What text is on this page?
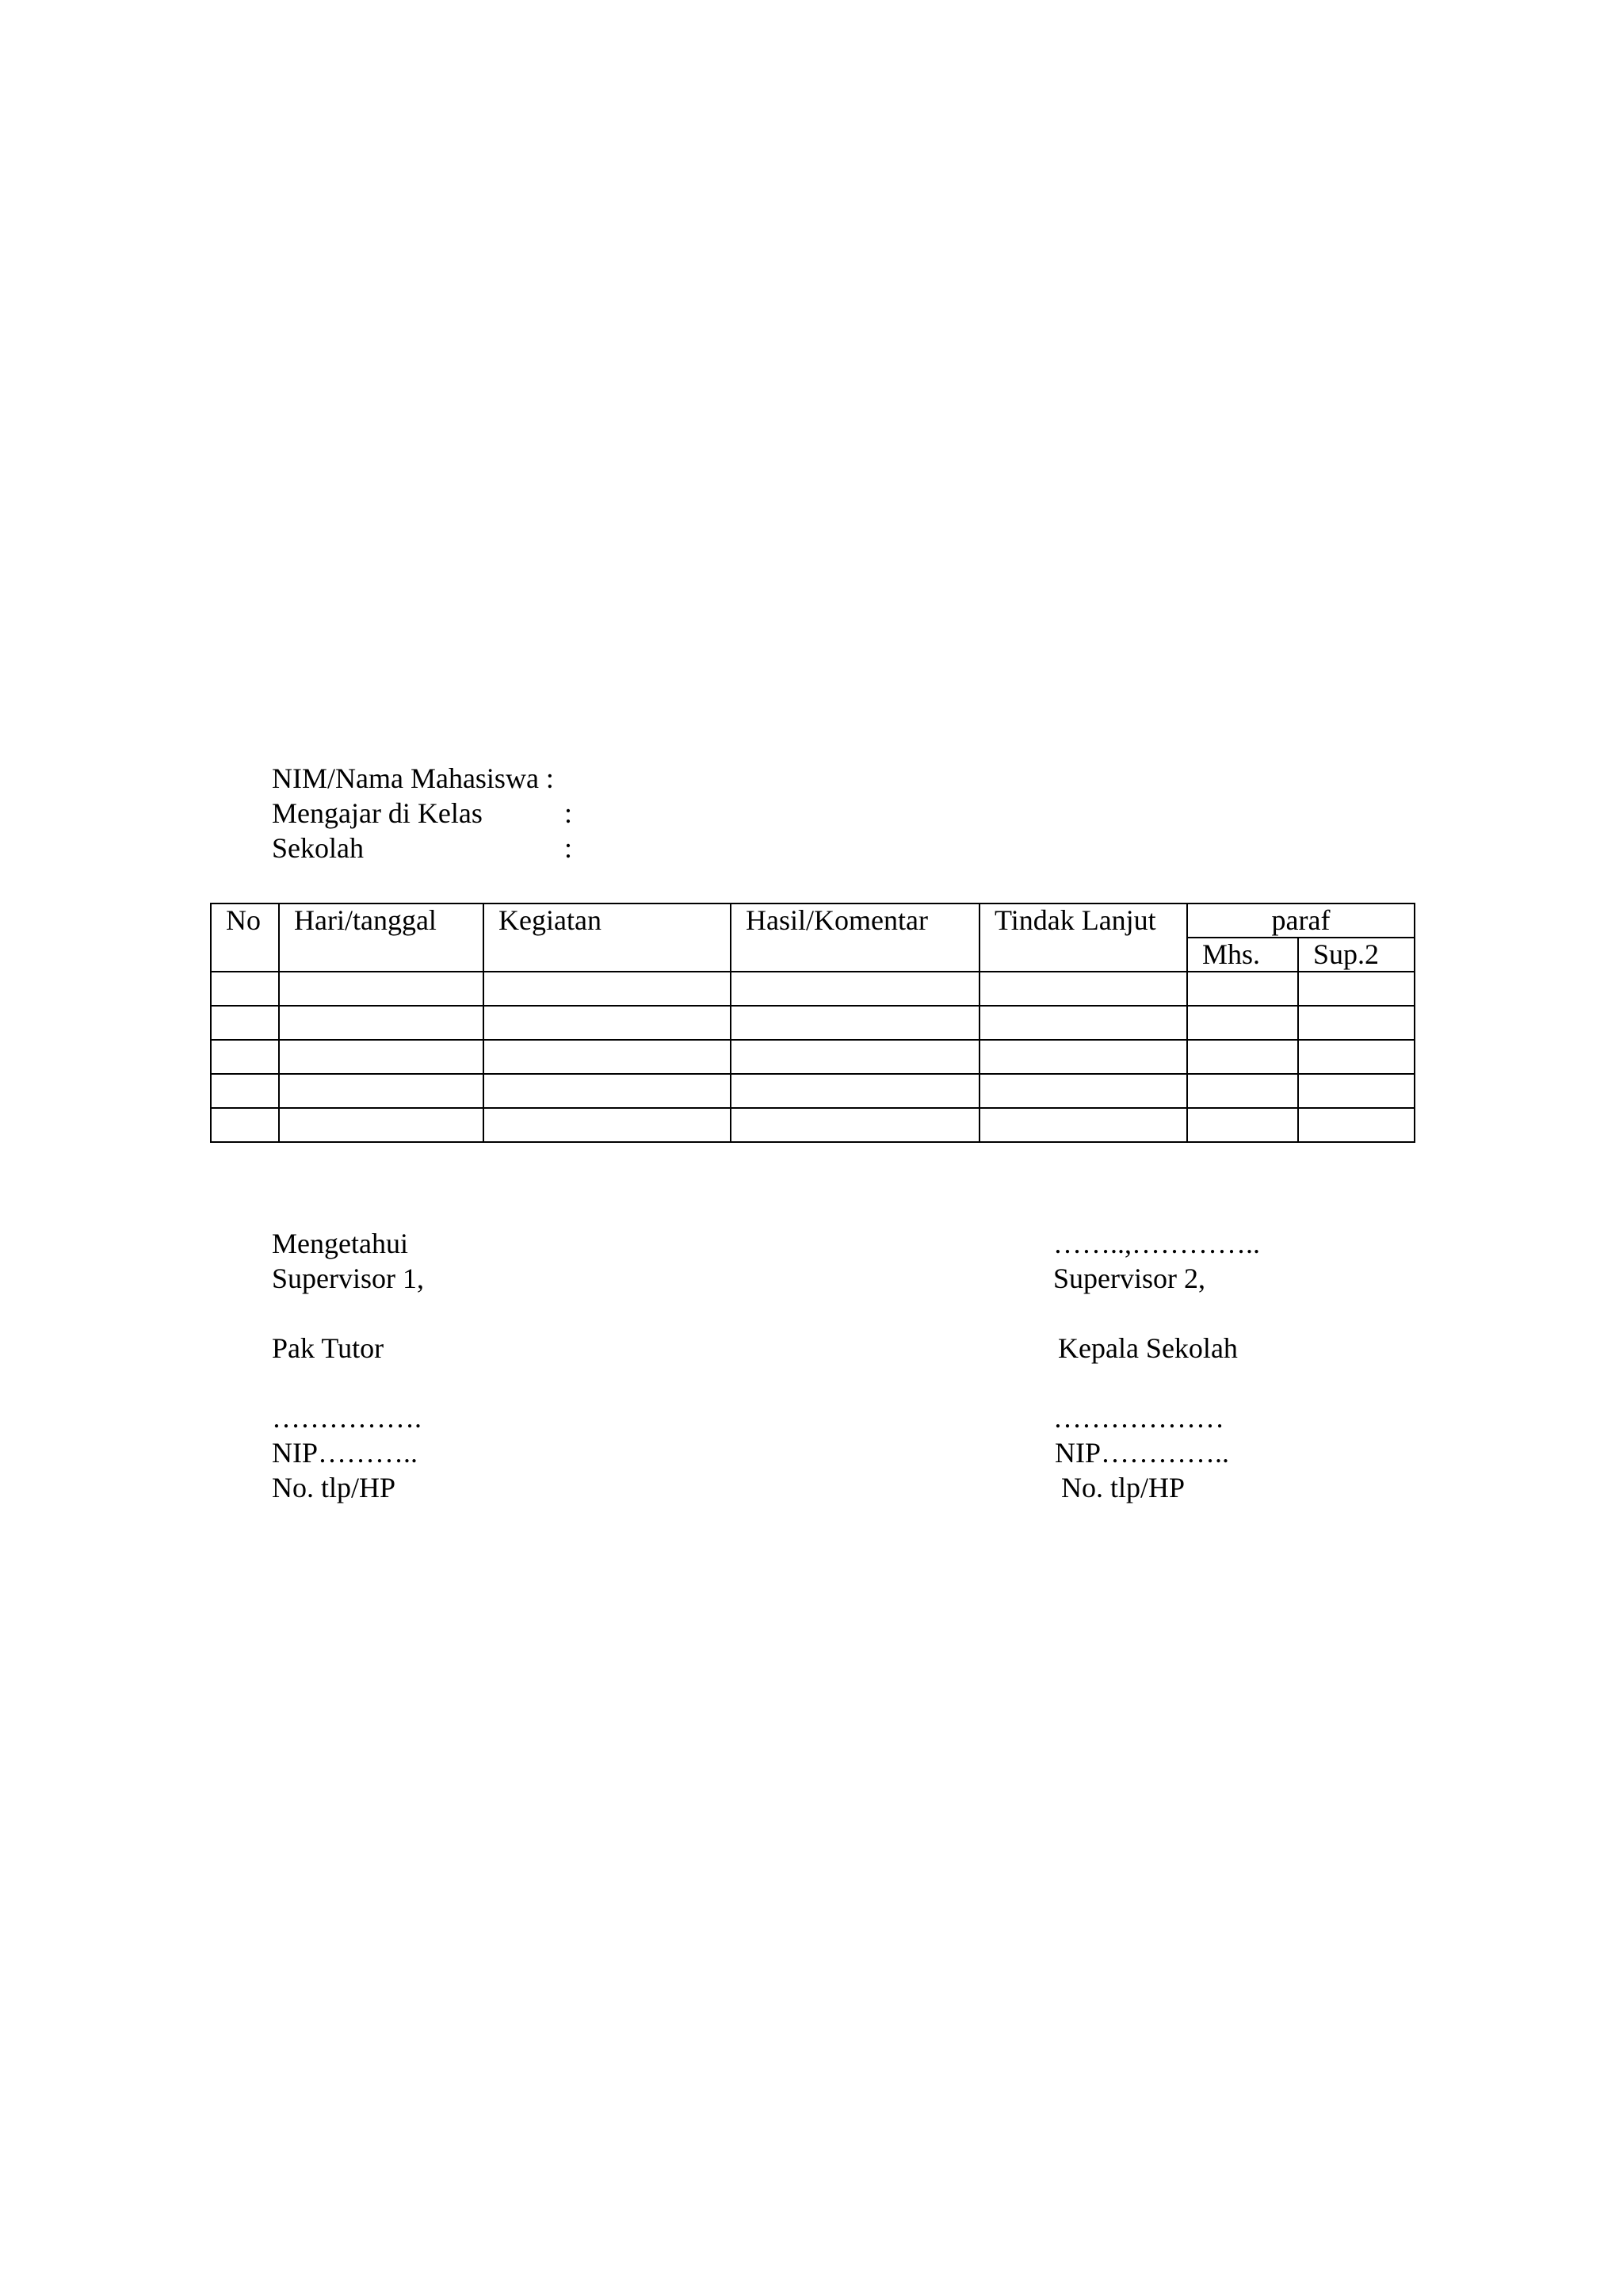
NIM/Nama Mahasiswa :
Mengajar di Kelas	:
Sekolah	:
No	Hari/tanggal	Kegiatan	Hasil/Komentar	Tindak Lanjut	paraf	
					Mhs.	Sup.2

Mengetahui
Supervisor 1,
Pak Tutor
…………….
NIP………..
No. tlp/HP
……..,…………..
Supervisor 2,
Kepala Sekolah
………………
NIP…………..
No. tlp/HP
